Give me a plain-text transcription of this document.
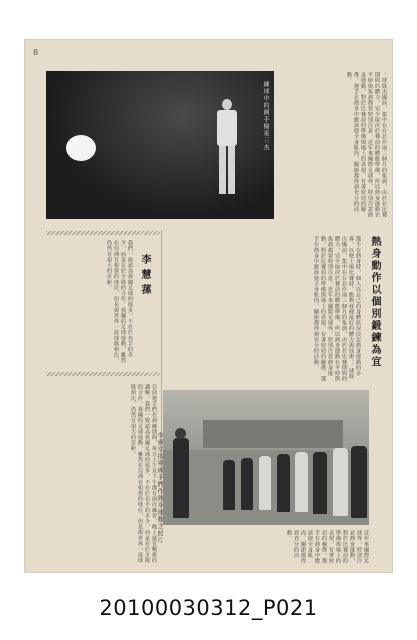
8
練球中的國手楊東三杰	。球隊出國前，集中在台北作兩三個月的集訓，由於在比賽期間的體力，完全取決於賽前的體能準備，所以熱身運動在平時與集訓都要特別注意。近年來國際足球界，特別注意熱身運動，對於比賽前的準備與場上的表現，有著密切的關係。選手在熱身中應該使全身肌肉、關節都得到充分的活動。
熱身動作以個別鍛鍊為宜
選手在熱身時，個人以自己的身體狀況決定熱身運動的多寡，以便上場比賽時，能夠發揮最好的體力與技術。。球隊出國前，集中在台北作兩三個月的集訓，由於在比賽期間的體力，完全取決於賽前的體能準備，所以熱身運動在平時與集訓都要特別注意。近年來國際足球界，特別注意熱身運動，對於比賽前的準備與場上的表現，有著密切的關係。選手在熱身中應該使全身肌肉、關節都得到充分的活動。
李慧蓀
我們一致認為我國足球的進步，不在於名手的多少，而是在於全隊的合作。我國的足球運動，雖然在亞洲有相當的地位，但是與世界一流球隊相比，仍然有很大的差距。
目前選手們在訓練期間，每日上午及下午都有兩次練習，晚上還有戰術的講解。我們一致認為我國足球的進步，不在於名手的多少，而是在於全隊的合作。我國的足球運動，雖然在亞洲有相當的地位，但是與世界一流球隊相比，仍然有很大的差距。
李惠堂指導國手們作熱身運動之照片
近年來國際足球界，特別注意熱身運動，對於比賽前的準備與場上的表現，有著密切的關係。選手在熱身中應該使全身肌肉、關節都得到充分的活動。
20100030312_P021
